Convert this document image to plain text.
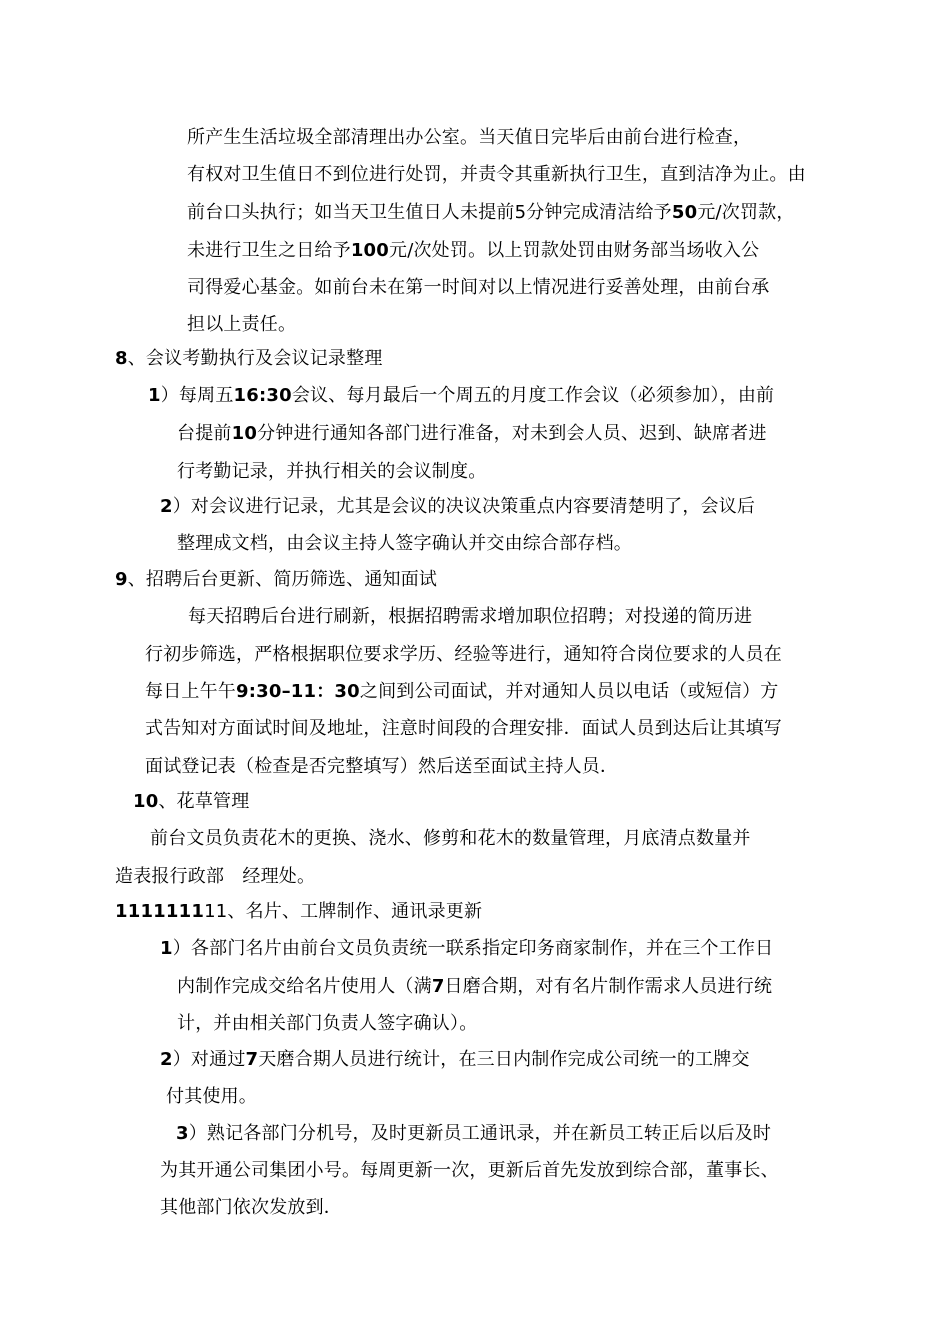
所产生生活垃圾全部清理出办公室。当天值日完毕后由前台进行检查，
有权对卫生值日不到位进行处罚，并责令其重新执行卫生，直到洁净为止。由
前台口头执行；如当天卫生值日人未提前5分钟完成清洁给予50元/次罚款，
未进行卫生之日给予100元/次处罚。以上罚款处罚由财务部当场收入公
司得爱心基金。如前台未在第一时间对以上情况进行妥善处理，由前台承
担以上责任。
8、会议考勤执行及会议记录整理
1）每周五16:30会议、每月最后一个周五的月度工作会议（必须参加），由前
台提前10分钟进行通知各部门进行准备，对未到会人员、迟到、缺席者进
行考勤记录，并执行相关的会议制度。
2）对会议进行记录，尤其是会议的决议决策重点内容要清楚明了，会议后
整理成文档，由会议主持人签字确认并交由综合部存档。
9、招聘后台更新、简历筛选、通知面试
每天招聘后台进行刷新，根据招聘需求增加职位招聘；对投递的简历进
行初步筛选，严格根据职位要求学历、经验等进行，通知符合岗位要求的人员在
每日上午午9:30–11：30之间到公司面试，并对通知人员以电话（或短信）方
式告知对方面试时间及地址，注意时间段的合理安排．面试人员到达后让其填写
面试登记表（检查是否完整填写）然后送至面试主持人员．
10、花草管理
前台文员负责花木的更换、浇水、修剪和花木的数量管理，月底清点数量并
造表报行政部　经理处。
111111111、名片、工牌制作、通讯录更新
1）各部门名片由前台文员负责统一联系指定印务商家制作，并在三个工作日
内制作完成交给名片使用人（满7日磨合期，对有名片制作需求人员进行统
计，并由相关部门负责人签字确认）。
2）对通过7天磨合期人员进行统计，在三日内制作完成公司统一的工牌交
付其使用。
3）熟记各部门分机号，及时更新员工通讯录，并在新员工转正后以后及时
为其开通公司集团小号。每周更新一次，更新后首先发放到综合部，董事长、
其他部门依次发放到．
